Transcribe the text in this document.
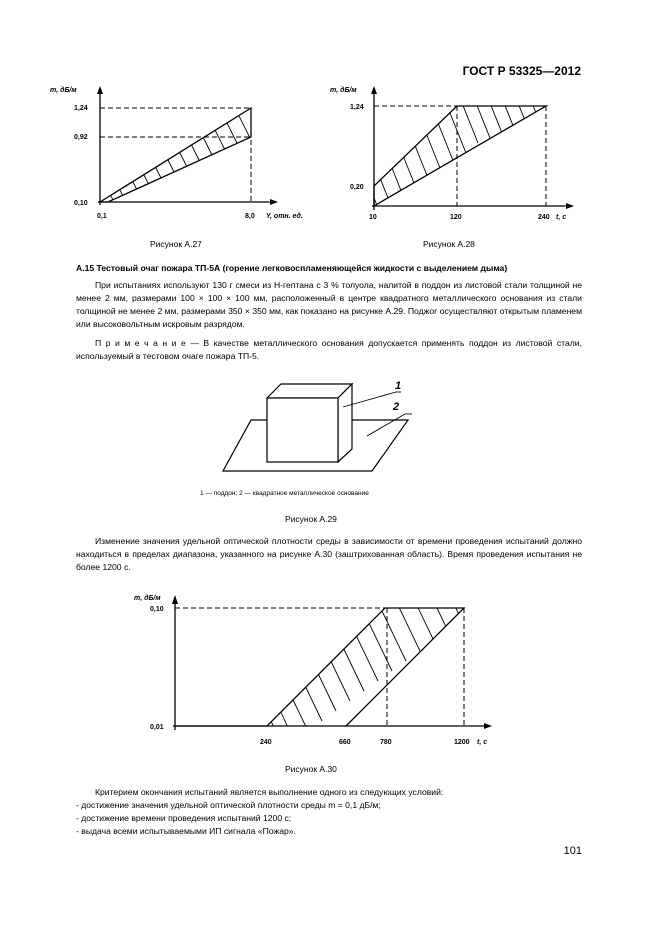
ГОСТ Р 53325—2012
m, дБ/м
1,24
0,92
0,10
0,1	8,0 Y, отн. ед.
Рисунок А.27
m, дБ/м
1,24
0,20
10	120	240 t, c
Рисунок А.28
А.15 Тестовый очаг пожара ТП-5А (горение легковоспламеняющейся жидкости с выделением дыма)

При испытаниях используют 130 г смеси из Н-гептана с 3 % толуола, налитой в поддон из листовой стали толщиной не менее 2 мм, размерами 100 × 100 × 100 мм, расположенный в центре квадратного металлического основания из стали толщиной не менее 2 мм, размерами 350 × 350 мм, как показано на рисунке А.29. Поджог осуществляют открытым пламенем или высоковольтным искровым разрядом.

П р и м е ч а н и е — В качестве металлического основания допускается применять поддон из листовой стали, используемый в тестовом очаге пожара ТП-5.

1
2
1 — поддон; 2 — квадратное металлическое основание
Рисунок А.29

Изменение значения удельной оптической плотности среды в зависимости от времени проведения испытаний должно находиться в пределах диапазона, указанного на рисунке А.30 (заштрихованная область). Время проведения испытания не более 1200 с.

m, дБ/м
0,10
0,01
240	660	780	1200 t, c
Рисунок А.30

Критерием окончания испытаний является выполнение одного из следующих условий:

- достижение значения удельной оптической плотности среды m = 0,1 дБ/м;
- достижение времени проведения испытаний 1200 с;
- выдача всеми испытываемыми ИП сигнала «Пожар».
101
